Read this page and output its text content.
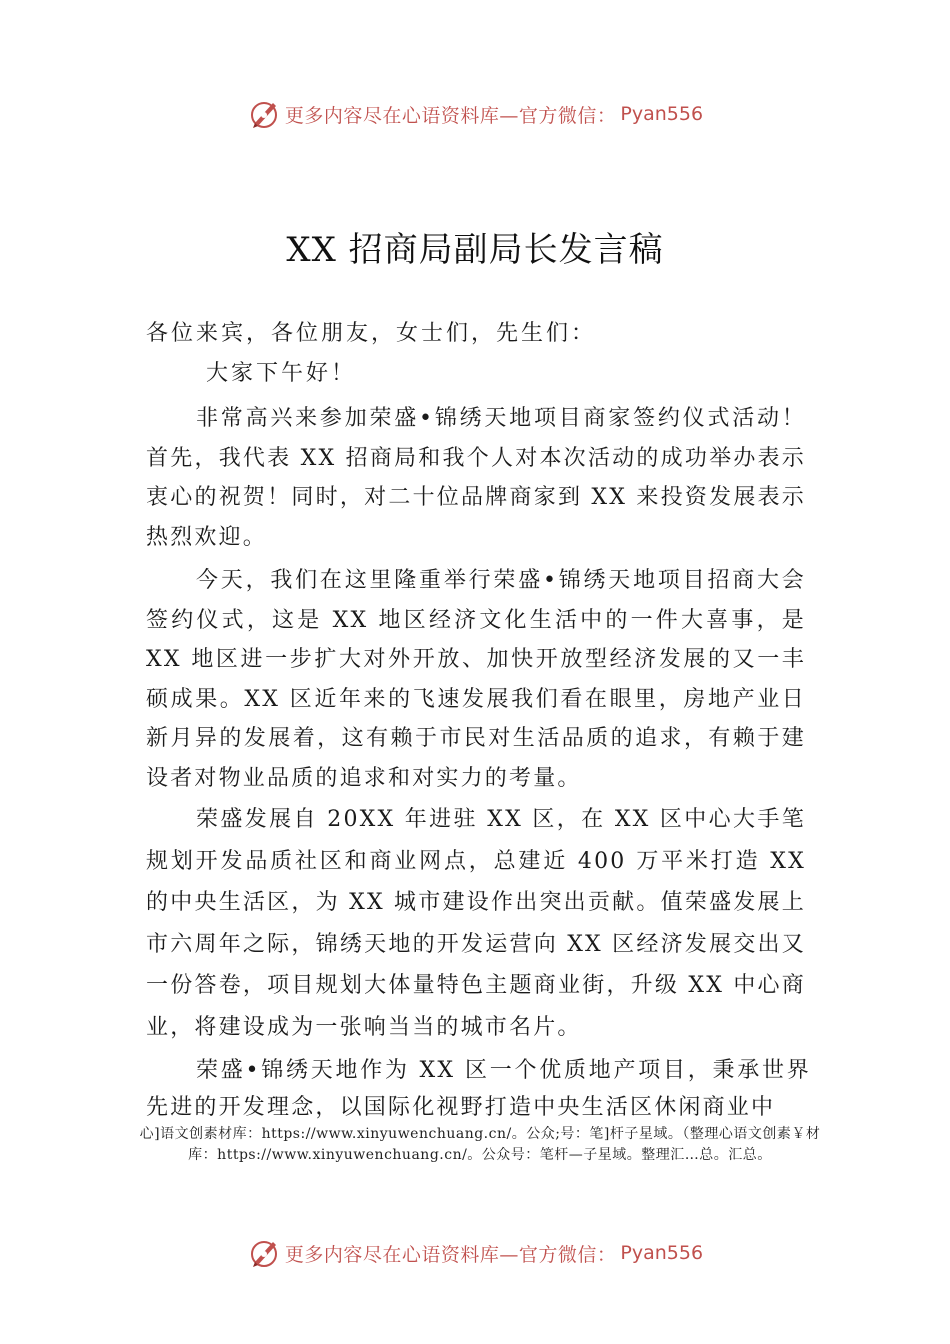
更多内容尽在心语资料库—官方微信： Pyan556
XX 招商局副局长发言稿
各位来宾，各位朋友，女士们，先生们：
大家下午好！

非常高兴来参加荣盛•锦绣天地项目商家签约仪式活动！首先，我代表 XX 招商局和我个人对本次活动的成功举办表示衷心的祝贺！同时，对二十位品牌商家到 XX 来投资发展表示热烈欢迎。

今天，我们在这里隆重举行荣盛•锦绣天地项目招商大会签约仪式，这是 XX 地区经济文化生活中的一件大喜事，是 XX 地区进一步扩大对外开放、加快开放型经济发展的又一丰硕成果。XX 区近年来的飞速发展我们看在眼里，房地产业日新月异的发展着，这有赖于市民对生活品质的追求，有赖于建设者对物业品质的追求和对实力的考量。

荣盛发展自 20XX 年进驻 XX 区，在 XX 区中心大手笔规划开发品质社区和商业网点，总建近 400 万平米打造 XX 的中央生活区，为 XX 城市建设作出突出贡献。值荣盛发展上市六周年之际，锦绣天地的开发运营向 XX 区经济发展交出又一份答卷，项目规划大体量特色主题商业街，升级 XX 中心商业，将建设成为一张响当当的城市名片。

荣盛•锦绣天地作为 XX 区一个优质地产项目，秉承世界先进的开发理念，以国际化视野打造中央生活区休闲商业中

心]语文创素材库：https://www.xinyuwenchuang.cn/。公众;号：笔]杆子星域。（整理心语文创素￥材库：https://www.xinyuwenchuang.cn/。公众号：笔杆—子星域。整理汇…总。汇总。
更多内容尽在心语资料库—官方微信： Pyan556
